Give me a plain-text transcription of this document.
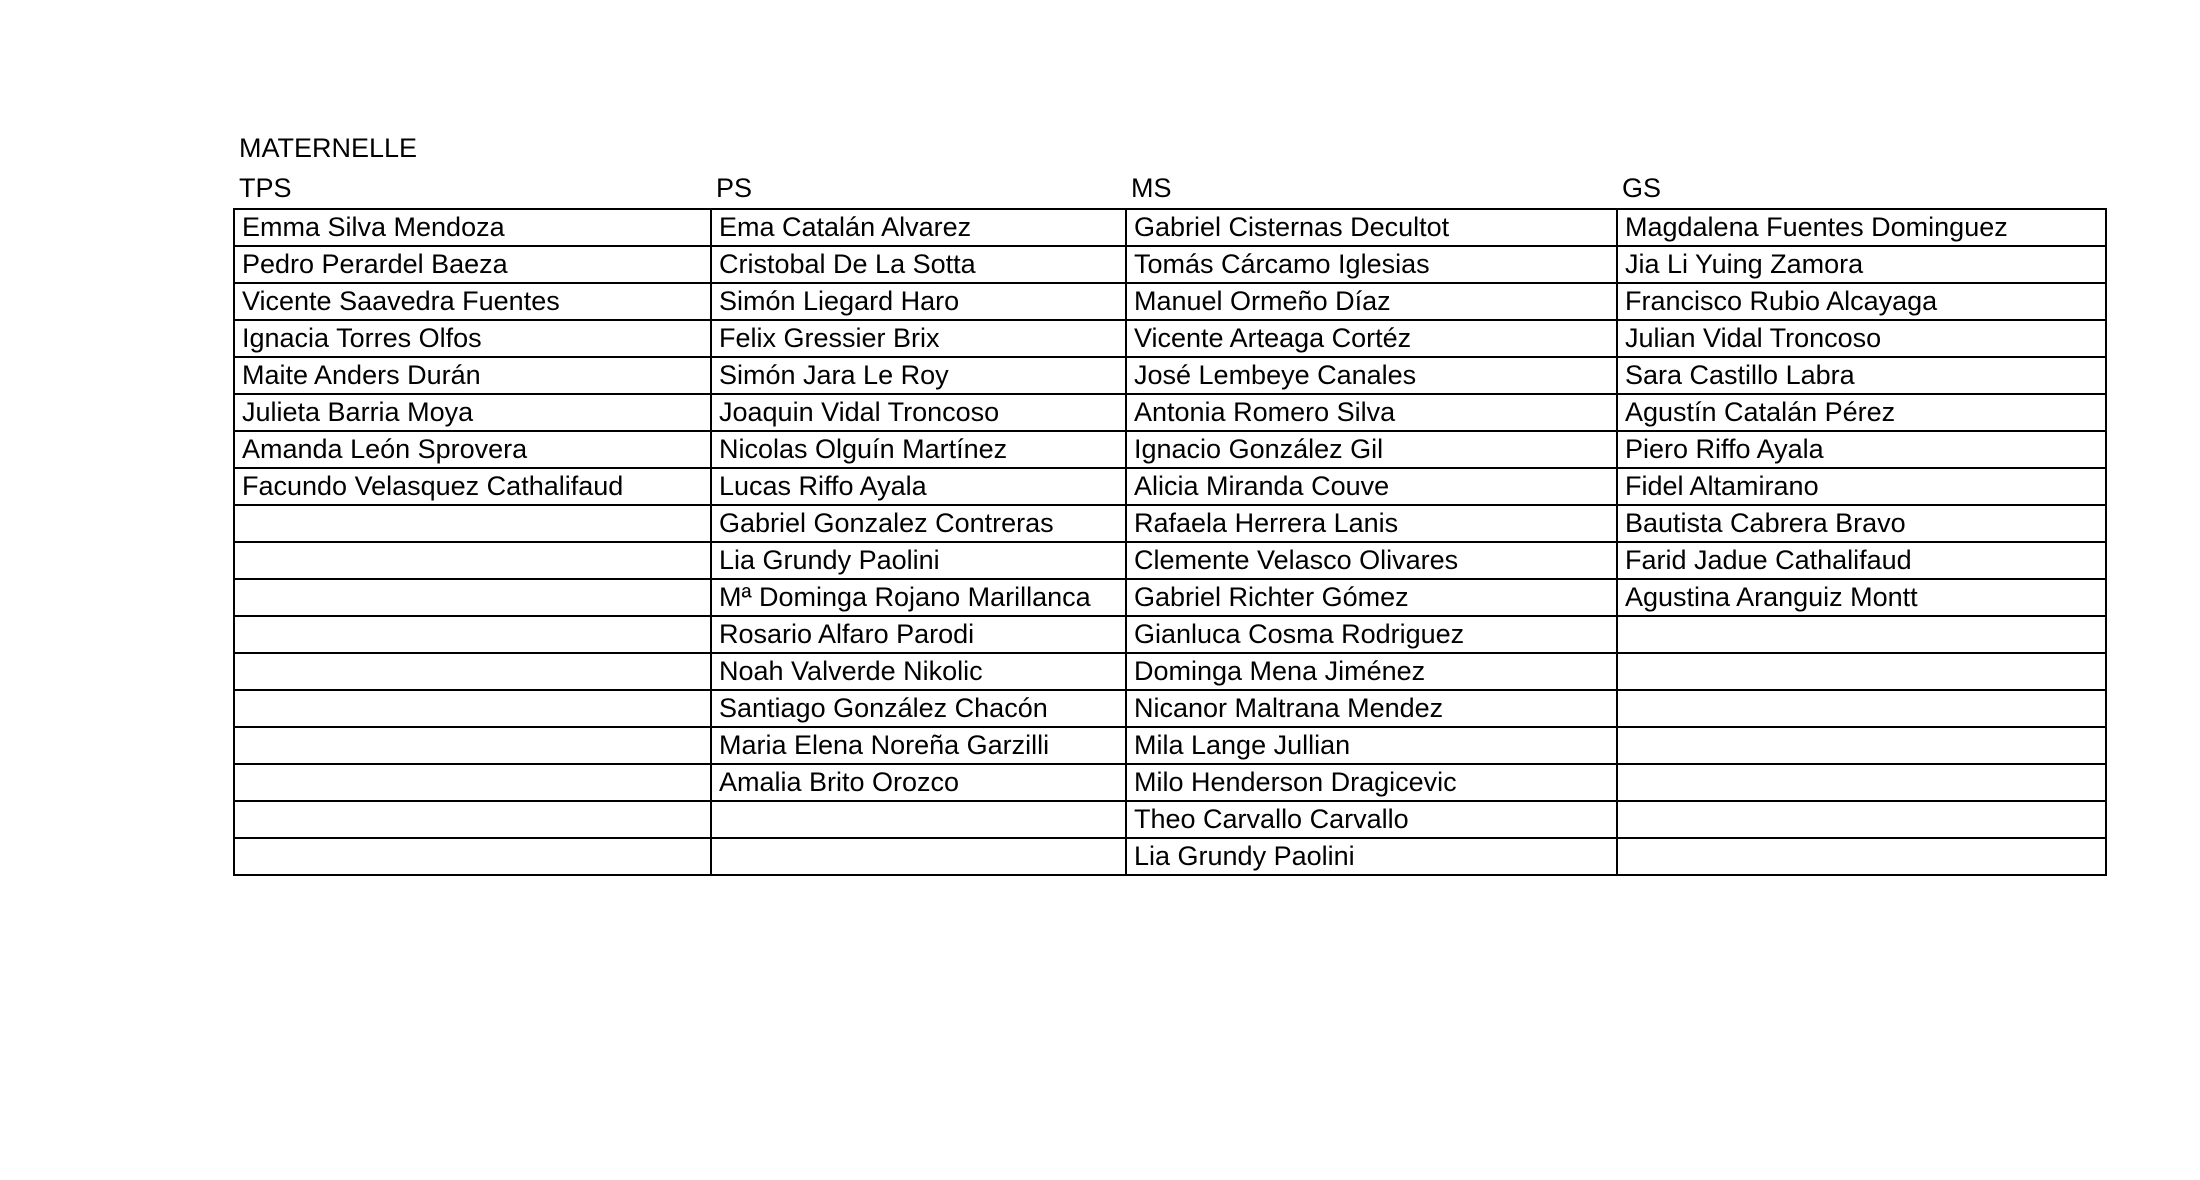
MATERNELLE
TPS	PS	MS	GS
Emma Silva Mendoza	Ema Catalán Alvarez	Gabriel Cisternas Decultot	Magdalena Fuentes Dominguez
Pedro Perardel Baeza	Cristobal De La Sotta	Tomás Cárcamo Iglesias	Jia Li Yuing Zamora
Vicente Saavedra Fuentes	Simón Liegard Haro	Manuel Ormeño Díaz	Francisco Rubio Alcayaga
Ignacia Torres Olfos	Felix Gressier Brix	Vicente Arteaga Cortéz	Julian Vidal Troncoso
Maite Anders Durán	Simón Jara Le Roy	José Lembeye Canales	Sara Castillo Labra
Julieta Barria Moya	Joaquin Vidal Troncoso	Antonia Romero Silva	Agustín Catalán Pérez
Amanda León Sprovera	Nicolas Olguín Martínez	Ignacio González Gil	Piero Riffo Ayala
Facundo Velasquez Cathalifaud	Lucas Riffo Ayala	Alicia Miranda Couve	Fidel Altamirano
	Gabriel Gonzalez Contreras	Rafaela Herrera Lanis	Bautista Cabrera Bravo
	Lia Grundy Paolini	Clemente Velasco Olivares	Farid Jadue Cathalifaud
	Mª Dominga Rojano Marillanca	Gabriel Richter Gómez	Agustina Aranguiz Montt
	Rosario Alfaro Parodi	Gianluca Cosma Rodriguez	
	Noah Valverde Nikolic	Dominga Mena Jiménez	
	Santiago González Chacón	Nicanor Maltrana Mendez	
	Maria Elena Noreña Garzilli	Mila Lange Jullian	
	Amalia Brito Orozco	Milo Henderson Dragicevic	
		Theo Carvallo Carvallo	
		Lia Grundy Paolini	
